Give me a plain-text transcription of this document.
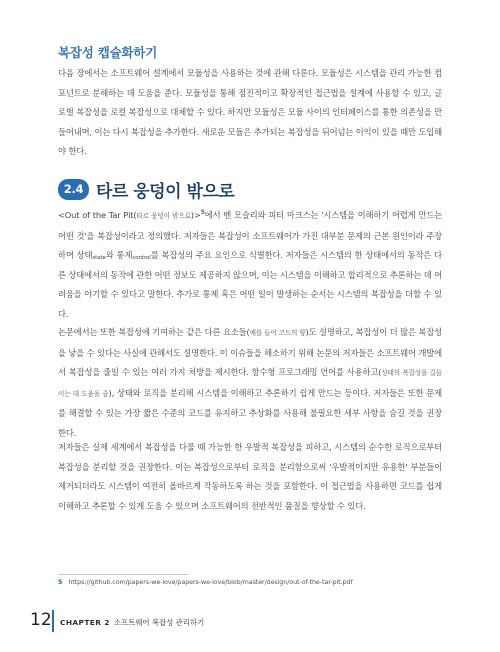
복잡성 캡슐화하기

다음 장에서는 소프트웨어 설계에서 모듈성을 사용하는 것에 관해 다룬다. 모듈성은 시스템을 관리 가능한 컴포넌트로 분해하는 데 도움을 준다. 모듈성을 통해 점진적이고 확장적인 접근법을 설계에 사용할 수 있고, 글로벌 복잡성을 로컬 복잡성으로 대체할 수 있다. 하지만 모듈성은 모듈 사이의 인터페이스를 통한 의존성을 만들어내며, 이는 다시 복잡성을 추가한다. 새로운 모듈은 추가되는 복잡성을 뒤어넘는 이익이 있을 때만 도입해야 한다.

2.4 타르 웅덩이 밖으로

<Out of the Tar Pit(타르 웅덩이 밖으로)>$^5$에서 벤 모슬리와 피터 마크스는 '시스템을 이해하기 어렵게 만드는 어떤 것'을 복잡성이라고 정의했다. 저자들은 복잡성이 소프트웨어가 가진 대부분 문제의 근본 원인이라 주장하며 상태$_{state}$와 통제$_{control}$를 복잡성의 주요 요인으로 식별한다. 저자들은 시스템의 한 상태에서의 동작은 다른 상태에서의 동작에 관한 어떤 정보도 제공하지 않으며, 이는 시스템을 이해하고 합리적으로 추론하는 데 어려움을 야기할 수 있다고 말한다. 추가로 통제 혹은 어떤 일이 발생하는 순서는 시스템의 복잡성을 더할 수 있다.

논문에서는 또한 복잡성에 기여하는 같은 다른 요소들(예를 들어 코드의 양)도 설명하고, 복잡성이 더 많은 복잡성을 낳을 수 있다는 사실에 관해서도 설명한다. 이 이슈들을 해소하기 위해 논문의 저자들은 소프트웨어 개발에서 복잡성을 줄일 수 있는 여러 가지 처방을 제시한다. 함수형 프로그래밍 언어를 사용하고(상태의 복잡성을 길들이는 데 도움을 줌), 상태와 로직을 분리해 시스템을 이해하고 추론하기 쉽게 만드는 등이다. 저자들은 또한 문제를 해결할 수 있는 가장 짧은 수준의 코드를 유지하고 추상화를 사용해 불필요한 세부 사항을 숨길 것을 권장한다.

저자들은 실제 세계에서 복잡성을 다룰 때 가능한 한 우발적 복잡성을 피하고, 시스템의 순수한 로직으로부터 복잡성을 분리할 것을 권장한다. 이는 복잡성으로부터 로직을 분리함으로써 '우발적이지만 유용한' 부분들이 제거되더라도 시스템이 여전히 올바르게 작동하도록 하는 것을 포함한다. 이 접근법을 사용하면 코드를 쉽게 이해하고 추론할 수 있게 도움 수 있으며 소프트웨어의 전반적인 품질을 향상할 수 있다.

5 https://github.com/papers-we-love/papers-we-love/blob/master/design/out-of-the-tar-pit.pdf
12 CHAPTER 2 소프트웨어 복잡성 관리하기
